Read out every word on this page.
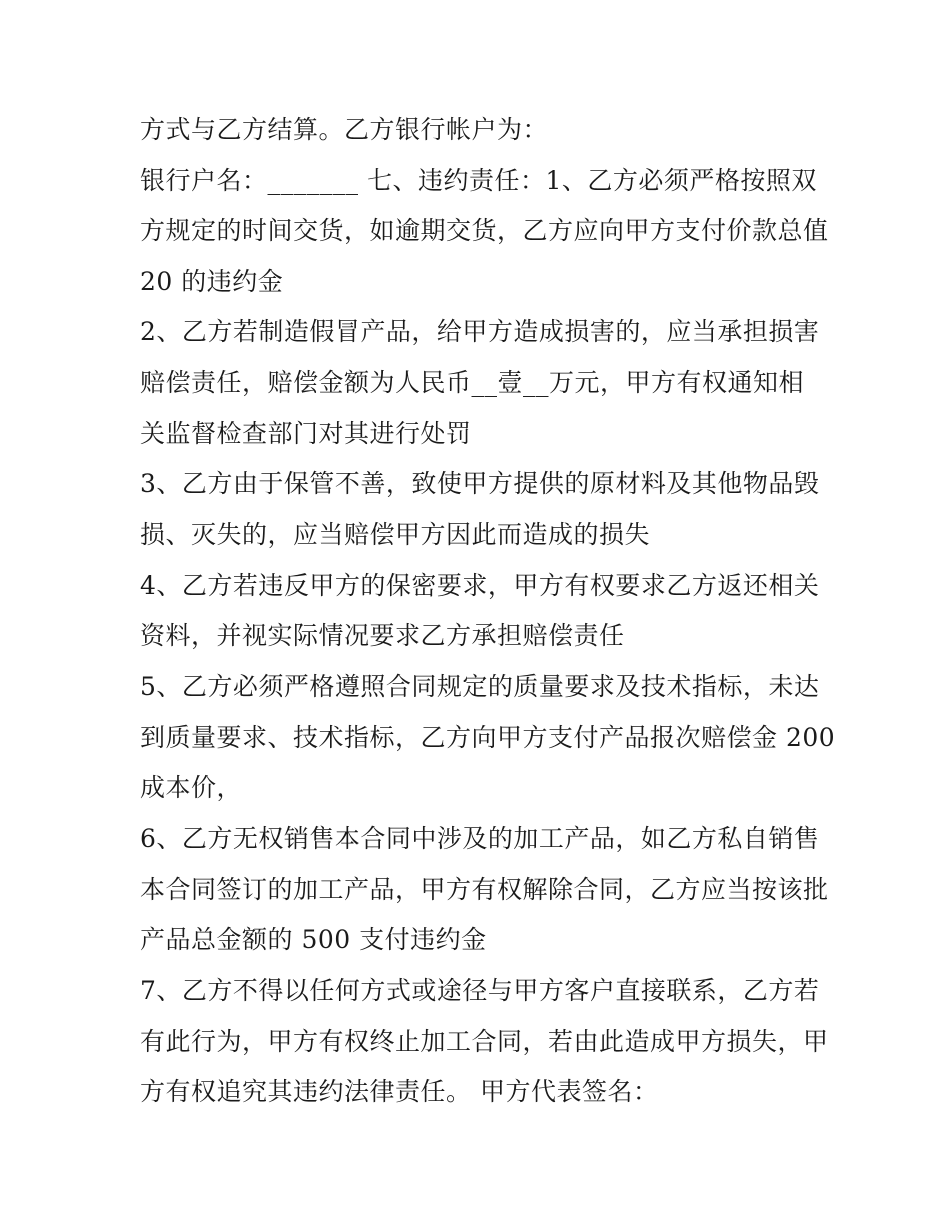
方式与乙方结算。乙方银行帐户为：
银行户名：_______ 七、违约责任：1、乙方必须严格按照双
方规定的时间交货，如逾期交货，乙方应向甲方支付价款总值
20 的违约金
2、乙方若制造假冒产品，给甲方造成损害的，应当承担损害
赔偿责任，赔偿金额为人民币__壹__万元，甲方有权通知相
关监督检查部门对其进行处罚
3、乙方由于保管不善，致使甲方提供的原材料及其他物品毁
损、灭失的，应当赔偿甲方因此而造成的损失
4、乙方若违反甲方的保密要求，甲方有权要求乙方返还相关
资料，并视实际情况要求乙方承担赔偿责任
5、乙方必须严格遵照合同规定的质量要求及技术指标，未达
到质量要求、技术指标，乙方向甲方支付产品报次赔偿金 200
成本价，
6、乙方无权销售本合同中涉及的加工产品，如乙方私自销售
本合同签订的加工产品，甲方有权解除合同，乙方应当按该批
产品总金额的 500 支付违约金
7、乙方不得以任何方式或途径与甲方客户直接联系，乙方若
有此行为，甲方有权终止加工合同，若由此造成甲方损失，甲
方有权追究其违约法律责任。 甲方代表签名：
